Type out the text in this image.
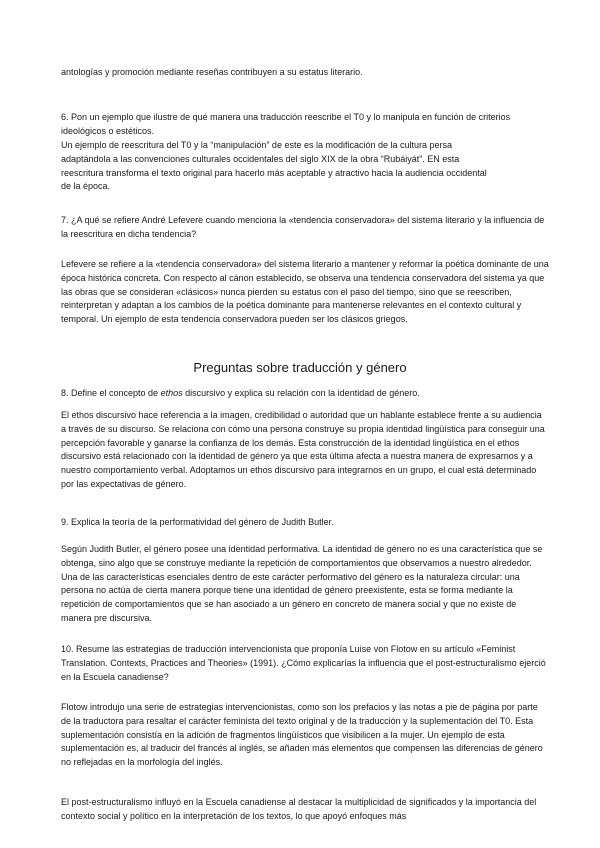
antologías y promoción mediante reseñas contribuyen a su estatus literario.

6. Pon un ejemplo que ilustre de qué manera una traducción reescribe el T0 y lo manipula en función de criterios ideológicos o estéticos.

Un ejemplo de reescritura del T0 y la “manipulación” de este es la modificación de la cultura persa

adaptándola a las convenciones culturales occidentales del siglo XIX de la obra “Rubáiyát”. EN esta

reescritura transforma el texto original para hacerlo más aceptable y atractivo hacia la audiencia occidental

de la época.

7. ¿A qué se refiere André Lefevere cuando menciona la «tendencia conservadora» del sistema literario y la influencia de la reescritura en dicha tendencia?

Lefevere se refiere a la «tendencia conservadora» del sistema literario a mantener y reformar la poética dominante de una época histórica concreta. Con respecto al cánon establecido, se observa una tendencia conservadora del sistema ya que las obras que se consideran «clásicos» nunca pierden su estatus con el paso del tiempo, sino que se reescriben, reinterpretan y adaptan a los cambios de la poética dominante para mantenerse relevantes en el contexto cultural y temporal. Un ejemplo de esta tendencia conservadora pueden ser los clásicos griegos.

Preguntas sobre traducción y género

8. Define el concepto de ethos discursivo y explica su relación con la identidad de género.

El ethos discursivo hace referencia a la imagen, credibilidad o autoridad que un hablante establece frente a su audiencia a través de su discurso. Se relaciona con cómo una persona construye su propia identidad lingüística para conseguir una percepción favorable y ganarse la confianza de los demás. Esta construcción de la identidad lingüística en el ethos discursivo está relacionado con la identidad de género ya que esta última afecta a nuestra manera de expresarnos y a nuestro comportamiento verbal. Adoptamos un ethos discursivo para integrarnos en un grupo, el cual está determinado por las expectativas de género.

9. Explica la teoría de la performatividad del género de Judith Butler.

Según Judith Butler, el género posee una identidad performativa. La identidad de género no es una característica que se obtenga, sino algo que se construye mediante la repetición de comportamientos que observamos a nuestro alrededor. Una de las características esenciales dentro de este carácter performativo del género es la naturaleza circular: una persona no actúa de cierta manera porque tiene una identidad de género preexistente, esta se forma mediante la repetición de comportamientos que se han asociado a un género en concreto de manera social y que no existe de manera pre discursiva.

10. Resume las estrategias de traducción intervencionista que proponía Luise von Flotow en su artículo «Feminist Translation. Contexts, Practices and Theories» (1991). ¿Cómo explicarías la influencia que el post-estructuralismo ejerció en la Escuela canadiense?

Flotow introdujo una serie de estrategias intervencionistas, como son los prefacios y las notas a pie de página por parte de la traductora para resaltar el carácter feminista del texto original y de la traducción y la suplementación del T0. Esta suplementación consistía en la adición de fragmentos lingüísticos que visibilicen a la mujer. Un ejemplo de esta suplementación es, al traducir del francés al inglés, se añaden más elementos que compensen las diferencias de género no reflejadas en la morfología del inglés.

El post-estructuralismo influyó en la Escuela canadiense al destacar la multiplicidad de significados y la importancia del contexto social y político en la interpretación de los textos, lo que apoyó enfoques más
